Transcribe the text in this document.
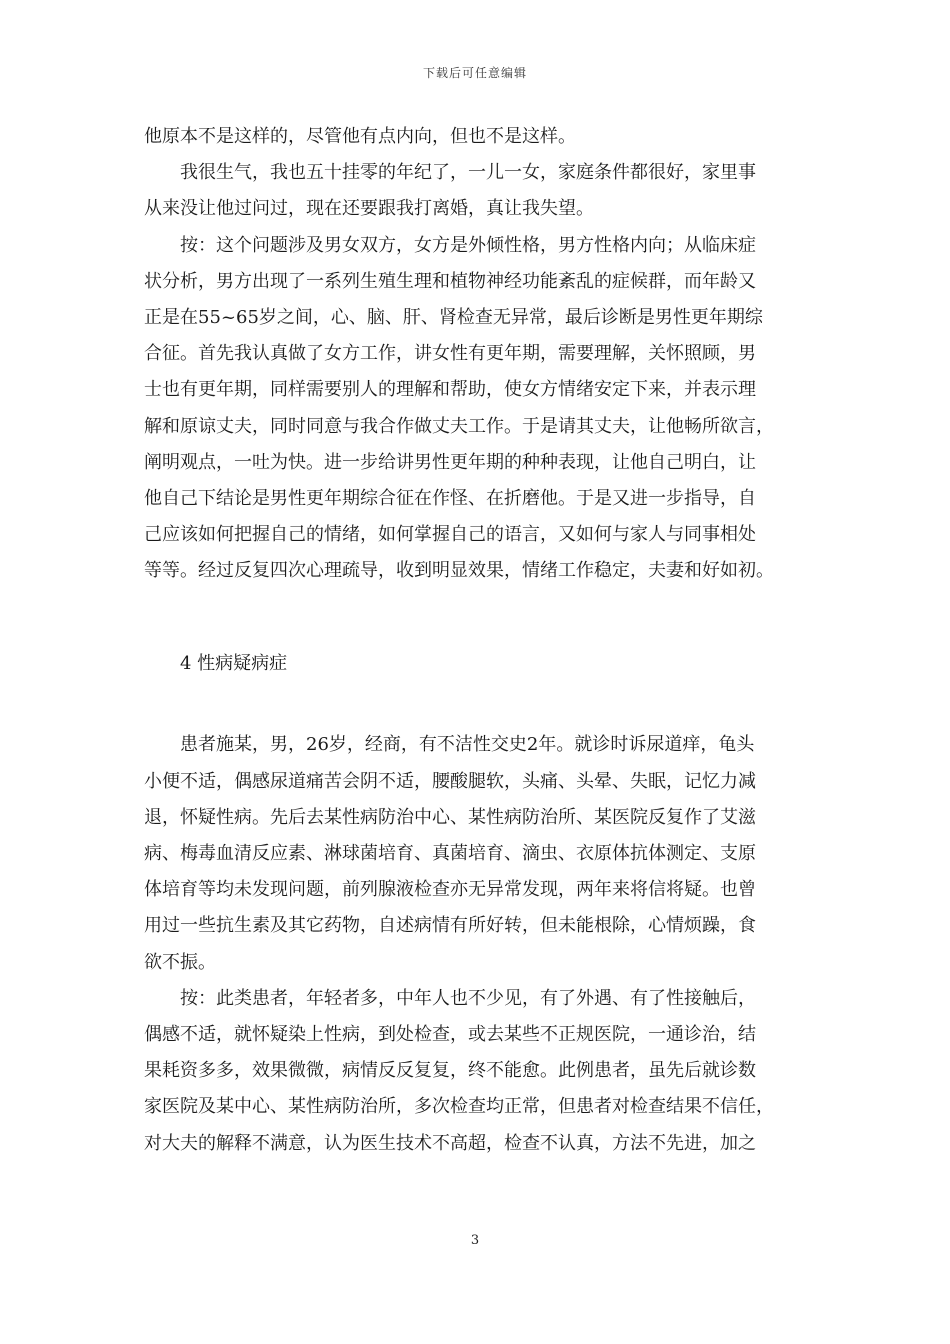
下载后可任意编辑
他原本不是这样的，尽管他有点内向，但也不是这样。
我很生气，我也五十挂零的年纪了，一儿一女，家庭条件都很好，家里事
从来没让他过问过，现在还要跟我打离婚，真让我失望。
按：这个问题涉及男女双方，女方是外倾性格，男方性格内向；从临床症
状分析，男方出现了一系列生殖生理和植物神经功能紊乱的症候群，而年龄又
正是在55~65岁之间，心、脑、肝、肾检查无异常，最后诊断是男性更年期综
合征。首先我认真做了女方工作，讲女性有更年期，需要理解，关怀照顾，男
士也有更年期，同样需要别人的理解和帮助，使女方情绪安定下来，并表示理
解和原谅丈夫，同时同意与我合作做丈夫工作。于是请其丈夫，让他畅所欲言，
阐明观点，一吐为快。进一步给讲男性更年期的种种表现，让他自己明白，让
他自己下结论是男性更年期综合征在作怪、在折磨他。于是又进一步指导，自
己应该如何把握自己的情绪，如何掌握自己的语言，又如何与家人与同事相处
等等。经过反复四次心理疏导，收到明显效果，情绪工作稳定，夫妻和好如初。
4 性病疑病症
患者施某，男，26岁，经商，有不洁性交史2年。就诊时诉尿道痒，龟头
小便不适，偶感尿道痛苦会阴不适，腰酸腿软，头痛、头晕、失眠，记忆力减
退，怀疑性病。先后去某性病防治中心、某性病防治所、某医院反复作了艾滋
病、梅毒血清反应素、淋球菌培育、真菌培育、滴虫、衣原体抗体测定、支原
体培育等均未发现问题，前列腺液检查亦无异常发现，两年来将信将疑。也曾
用过一些抗生素及其它药物，自述病情有所好转，但未能根除，心情烦躁，食
欲不振。
按：此类患者，年轻者多，中年人也不少见，有了外遇、有了性接触后，
偶感不适，就怀疑染上性病，到处检查，或去某些不正规医院，一通诊治，结
果耗资多多，效果微微，病情反反复复，终不能愈。此例患者，虽先后就诊数
家医院及某中心、某性病防治所，多次检查均正常，但患者对检查结果不信任，
对大夫的解释不满意，认为医生技术不高超，检查不认真，方法不先进，加之
3
